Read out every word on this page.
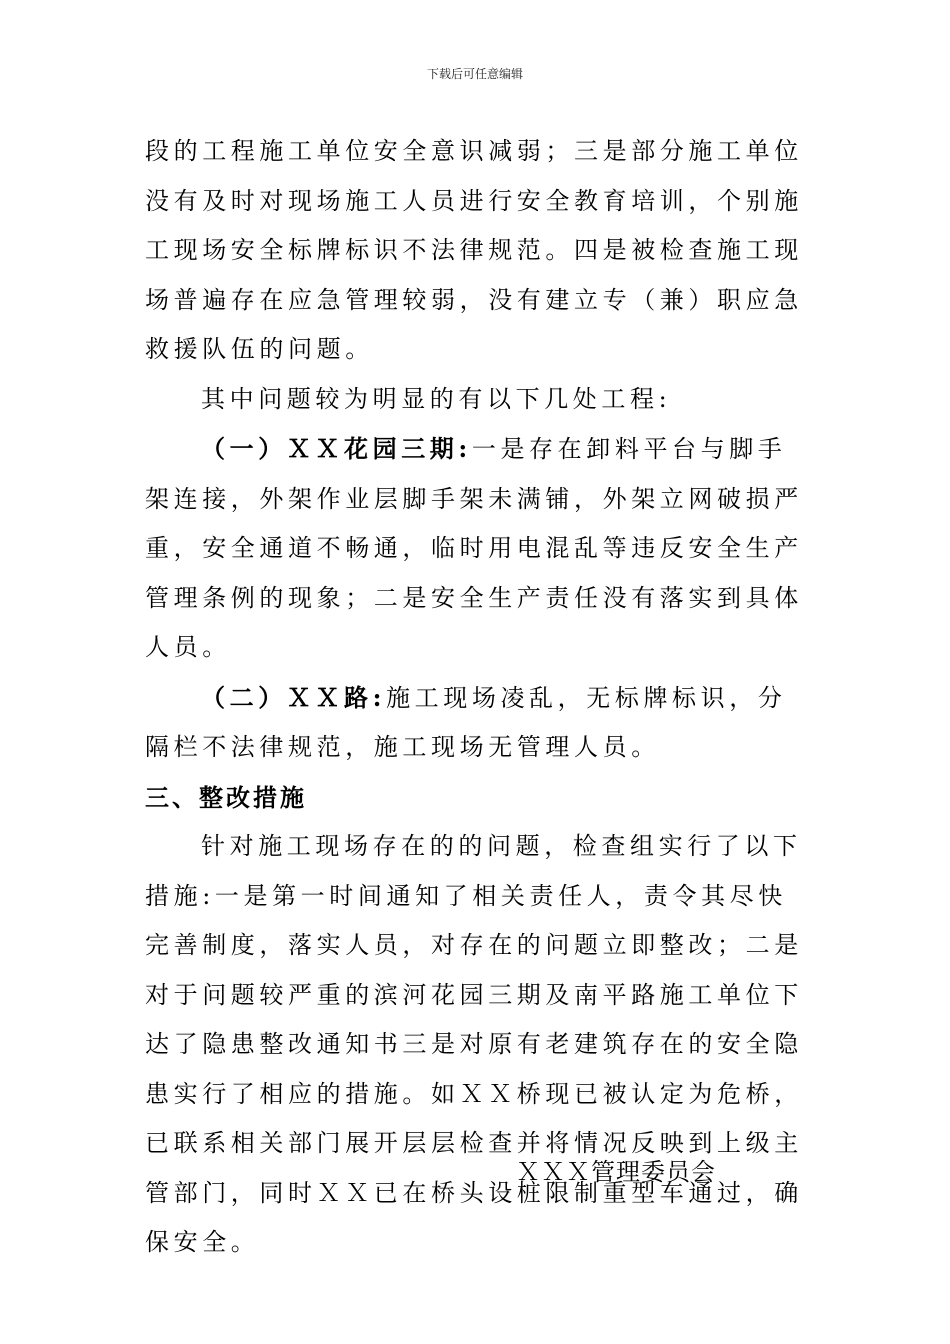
下载后可任意编辑

段的工程施工单位安全意识减弱；三是部分施工单位没有及时对现场施工人员进行安全教育培训，个别施工现场安全标牌标识不法律规范。四是被检查施工现场普遍存在应急管理较弱，没有建立专（兼）职应急救援队伍的问题。

其中问题较为明显的有以下几处工程:

（一）ＸＸ花园三期:一是存在卸料平台与脚手架连接，外架作业层脚手架未满铺，外架立网破损严重，安全通道不畅通，临时用电混乱等违反安全生产管理条例的现象；二是安全生产责任没有落实到具体人员。

（二）ＸＸ路:施工现场凌乱，无标牌标识，分隔栏不法律规范，施工现场无管理人员。

三、整改措施

针对施工现场存在的的问题，检查组实行了以下措施:一是第一时间通知了相关责任人，责令其尽快完善制度，落实人员，对存在的问题立即整改；二是对于问题较严重的滨河花园三期及南平路施工单位下达了隐患整改通知书三是对原有老建筑存在的安全隐患实行了相应的措施。如ＸＸ桥现已被认定为危桥，已联系相关部门展开层层检查并将情况反映到上级主管部门，同时ＸＸ已在桥头设桩限制重型车通过，确保安全。

ＸＸＸ管理委员会
